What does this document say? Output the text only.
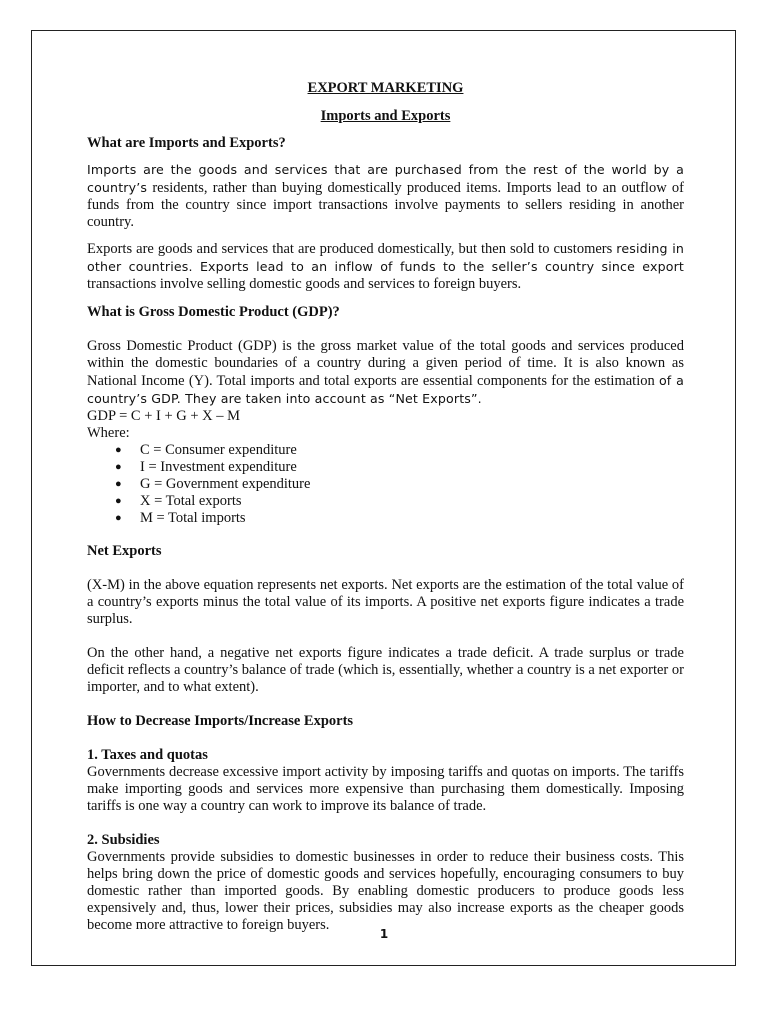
EXPORT MARKETING

Imports and Exports

What are Imports and Exports?

Imports are the goods and services that are purchased from the rest of the world by a country’s residents, rather than buying domestically produced items. Imports lead to an outflow of funds from the country since import transactions involve payments to sellers residing in another country.

Exports are goods and services that are produced domestically, but then sold to customers residing in other countries. Exports lead to an inflow of funds to the seller’s country since export transactions involve selling domestic goods and services to foreign buyers.

What is Gross Domestic Product (GDP)?

Gross Domestic Product (GDP) is the gross market value of the total goods and services produced within the domestic boundaries of a country during a given period of time. It is also known as National Income (Y). Total imports and total exports are essential components for the estimation of a country’s GDP. They are taken into account as “Net Exports”.

GDP = C + I + G + X – M

Where:

● C = Consumer expenditure
● I = Investment expenditure
● G = Government expenditure
● X = Total exports
● M = Total imports

Net Exports

(X-M) in the above equation represents net exports. Net exports are the estimation of the total value of a country’s exports minus the total value of its imports. A positive net exports figure indicates a trade surplus.

On the other hand, a negative net exports figure indicates a trade deficit. A trade surplus or trade deficit reflects a country’s balance of trade (which is, essentially, whether a country is a net exporter or importer, and to what extent).

How to Decrease Imports/Increase Exports

1. Taxes and quotas

Governments decrease excessive import activity by imposing tariffs and quotas on imports. The tariffs make importing goods and services more expensive than purchasing them domestically. Imposing tariffs is one way a country can work to improve its balance of trade.

2. Subsidies

Governments provide subsidies to domestic businesses in order to reduce their business costs. This helps bring down the price of domestic goods and services hopefully, encouraging consumers to buy domestic rather than imported goods. By enabling domestic producers to produce goods less expensively and, thus, lower their prices, subsidies may also increase exports as the cheaper goods become more attractive to foreign buyers.

1
